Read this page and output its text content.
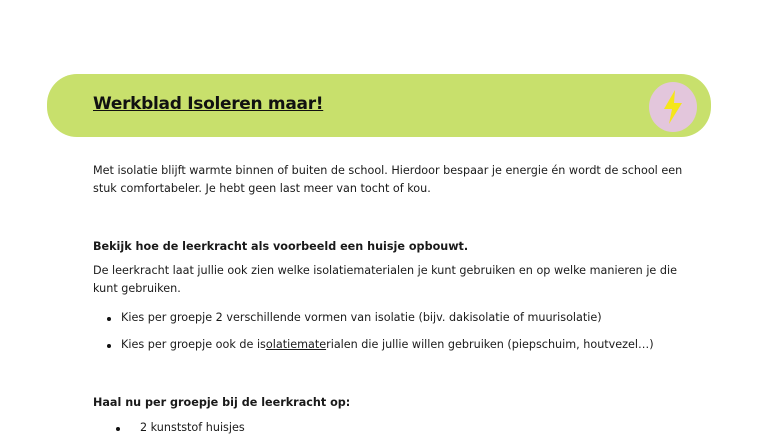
Werkblad Isoleren maar!
Met isolatie blijft warmte binnen of buiten de school. Hierdoor bespaar je energie én wordt de school een stuk comfortabeler. Je hebt geen last meer van tocht of kou.
Bekijk hoe de leerkracht als voorbeeld een huisje opbouwt.
De leerkracht laat jullie ook zien welke isolatiematerialen je kunt gebruiken en op welke manieren je die kunt gebruiken.
Kies per groepje 2 verschillende vormen van isolatie (bijv. dakisolatie of muurisolatie)
Kies per groepje ook de isolatiematerialen die jullie willen gebruiken (piepschuim, houtvezel…)
Haal nu per groepje bij de leerkracht op:
2 kunststof huisjes
